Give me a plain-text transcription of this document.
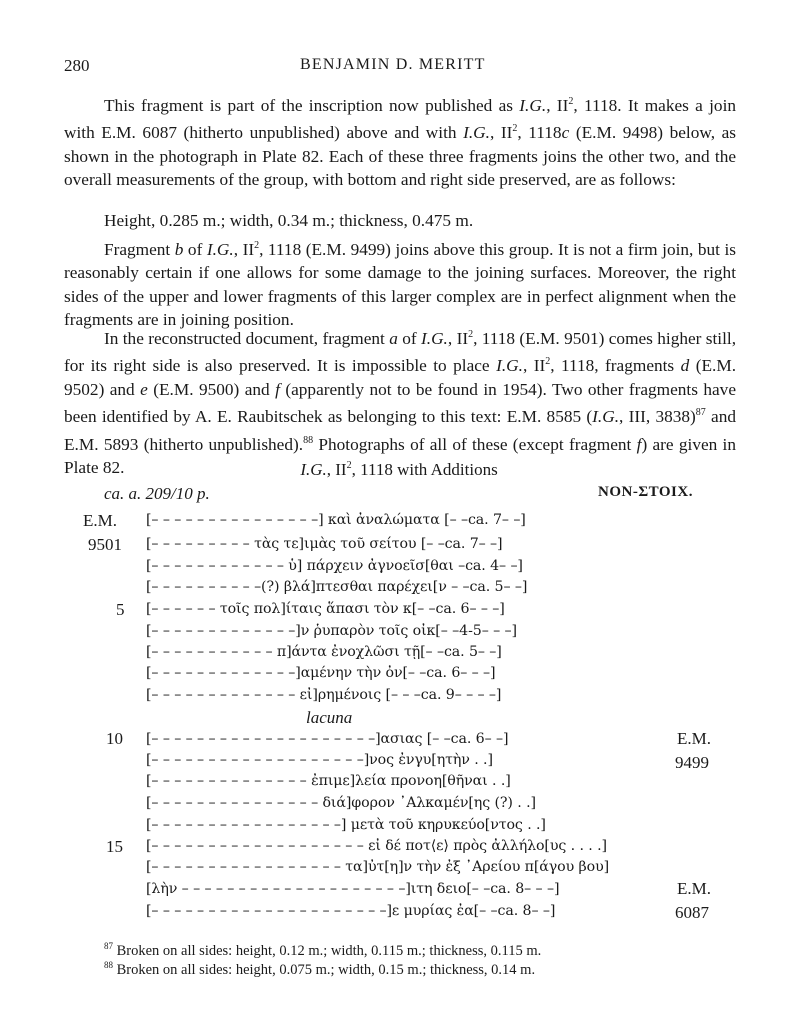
280	BENJAMIN D. MERITT
This fragment is part of the inscription now published as I.G., $II^2$, 1118. It makes a join with E.M. 6087 (hitherto unpublished) above and with I.G., $II^2$, 1118c (E.M. 9498) below, as shown in the photograph in Plate 82. Each of these three fragments joins the other two, and the overall measurements of the group, with bottom and right side preserved, are as follows:
Height, 0.285 m.; width, 0.34 m.; thickness, 0.475 m.
Fragment b of I.G., $II^2$, 1118 (E.M. 9499) joins above this group. It is not a firm join, but is reasonably certain if one allows for some damage to the joining surfaces. Moreover, the right sides of the upper and lower fragments of this larger complex are in perfect alignment when the fragments are in joining position.
In the reconstructed document, fragment a of I.G., $II^2$, 1118 (E.M. 9501) comes higher still, for its right side is also preserved. It is impossible to place I.G., $II^2$, 1118, fragments d (E.M. 9502) and e (E.M. 9500) and f (apparently not to be found in 1954). Two other fragments have been identified by A. E. Raubitschek as belonging to this text: E.M. 8585 (I.G., III, 3838)$^{87}$ and E.M. 5893 (hitherto unpublished).$^{88}$ Photographs of all of these (except fragment f) are given in Plate 82.	I.G., $II^2$, 1118 with Additions
ca. a. 209/10 p.	NON-ΣΤΟΙΧ.
E.M.
9501
E.M.
9499
E.M.
6087
5
10
15
[– – – – – – – – – – – – – – –] καὶ ἀναλώματα [– –ca. 7– –]
[– – – – – – – – – τὰς τε]ιμὰς τοῦ σείτου [– –ca. 7– –]
[– – – – – – – – – – – – ὑ] πάρχειν ἀγνοεῖσ[θαι –ca. 4– –]
[– – – – – – – – – –(?) βλά]πτεσθαι παρέχει[ν – –ca. 5– –]
[– – – – – – τοῖς πολ]ίταις ἅπασι τὸν κ[– –ca. 6– – –]
[– – – – – – – – – – – – –]ν ῥυπαρὸν τοῖς οἰκ[– –4-5– – –]
[– – – – – – – – – – – π]άντα ἐνοχλῶσι τῇ[– –ca. 5– –]
[– – – – – – – – – – – – –]αμένην τὴν ὀν[– –ca. 6– – –]
[– – – – – – – – – – – – – εἰ]ρημένοις [– – –ca. 9– – – –]
lacuna
[– – – – – – – – – – – – – – – – – – – –]ασιας [– –ca. 6– –]
[– – – – – – – – – – – – – – – – – – –]νος ἐνγυ[ητὴν . .]
[– – – – – – – – – – – – – – ἐπιμε]λεία προνοη[θῆναι . .]
[– – – – – – – – – – – – – – – διά]φορον ᾿Αλκαμέν[ης (?) . .]
[– – – – – – – – – – – – – – – – –] μετὰ τοῦ κηρυκεύο[ντος . .]
[– – – – – – – – – – – – – – – – – – – εἰ δέ ποτ⟨ε⟩ πρὸς ἀλλήλο[υς . . . .]
[– – – – – – – – – – – – – – – – – τα]ὐτ[η]ν τὴν ἐξ ᾿Αρείου π[άγου βου]
[λὴν – – – – – – – – – – – – – – – – – – – –]ιτη δειο[– –ca. 8– – –]
[– – – – – – – – – – – – – – – – – – – – –]ε μυρίας ἐα[– –ca. 8– –]
$^{87}$ Broken on all sides: height, 0.12 m.; width, 0.115 m.; thickness, 0.115 m.
$^{88}$ Broken on all sides: height, 0.075 m.; width, 0.15 m.; thickness, 0.14 m.
